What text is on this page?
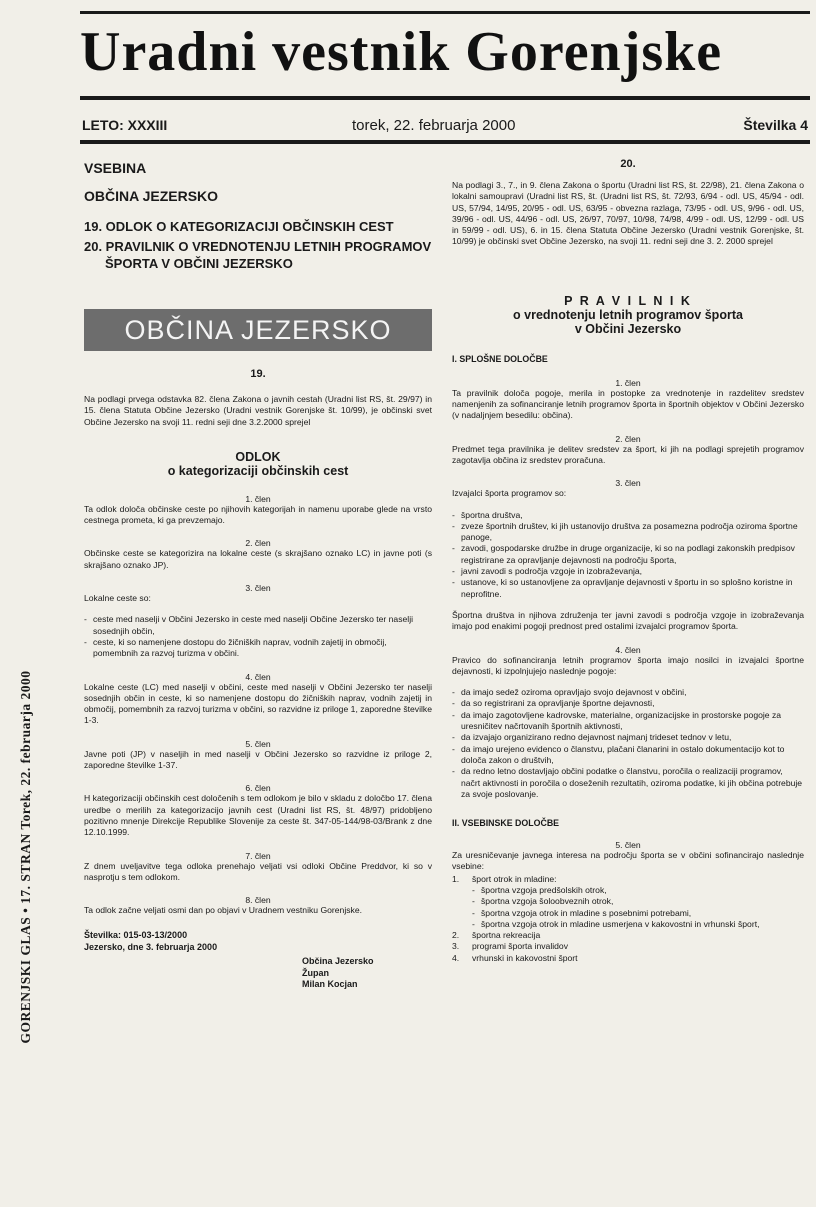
Uradni vestnik Gorenjske
LETO: XXXIII	torek, 22. februarja 2000	Številka 4
GORENJSKI GLAS • 17. STRAN Torek, 22. februarja 2000
VSEBINA
OBČINA JEZERSKO
19. ODLOK O KATEGORIZACIJI OBČINSKIH CEST
20. PRAVILNIK O VREDNOTENJU LETNIH PROGRAMOV
ŠPORTA V OBČINI JEZERSKO
OBČINA JEZERSKO
19.
Na podlagi prvega odstavka 82. člena Zakona o javnih cestah (Uradni list RS, št. 29/97) in 15. člena Statuta Občine Jezersko (Uradni vestnik Gorenjske št. 10/99), je občinski svet Občine Jezersko na svoji 11. redni seji dne 3.2.2000 sprejel
ODLOK
o kategorizaciji občinskih cest
1. člen
Ta odlok določa občinske ceste po njihovih kategorijah in namenu uporabe glede na vrsto cestnega prometa, ki ga prevzemajo.
2. člen
Občinske ceste se kategorizira na lokalne ceste (s skrajšano oznako LC) in javne poti (s skrajšano oznako JP).
3. člen
Lokalne ceste so:
- ceste med naselji v Občini Jezersko in ceste med naselji Občine Jezersko ter naselji sosednjih občin,
- ceste, ki so namenjene dostopu do žičniških naprav, vodnih zajetij in območij, pomembnih za razvoj turizma v občini.
4. člen
Lokalne ceste (LC) med naselji v občini, ceste med naselji v Občini Jezersko ter naselji sosednjih občin in ceste, ki so namenjene dostopu do žičniških naprav, vodnih zajetij in območij, pomembnih za razvoj turizma v občini, so razvidne iz priloge 1, zaporedne številke 1-3.
5. člen
Javne poti (JP) v naseljih in med naselji v Občini Jezersko so razvidne iz priloge 2, zaporedne številke 1-37.
6. člen
H kategorizaciji občinskih cest določenih s tem odlokom je bilo v skladu z določbo 17. člena uredbe o merilih za kategorizacijo javnih cest (Uradni list RS, št. 48/97) pridobljeno pozitivno mnenje Direkcije Republike Slovenije za ceste št. 347-05-144/98-03/Brank z dne 12.10.1999.
7. člen
Z dnem uveljavitve tega odloka prenehajo veljati vsi odloki Občine Preddvor, ki so v nasprotju s tem odlokom.
8. člen
Ta odlok začne veljati osmi dan po objavi v Uradnem vestniku Gorenjske.
Številka: 015-03-13/2000
Jezersko, dne 3. februarja 2000
Občina Jezersko
Župan
Milan Kocjan
20.
Na podlagi 3., 7., in 9. člena Zakona o športu (Uradni list RS, št. 22/98), 21. člena Zakona o lokalni samoupravi (Uradni list RS, št. (Uradni list RS, št. 72/93, 6/94 - odl. US, 45/94 - odl. US, 57/94, 14/95, 20/95 - odl. US, 63/95 - obvezna razlaga, 73/95 - odl. US, 9/96 - odl. US, 39/96 - odl. US, 44/96 - odl. US, 26/97, 70/97, 10/98, 74/98, 4/99 - odl. US, 12/99 - odl. US in 59/99 - odl. US), 6. in 15. člena Statuta Občine Jezersko (Uradni vestnik Gorenjske, št. 10/99) je občinski svet Občine Jezersko, na svoji 11. redni seji dne 3. 2. 2000 sprejel
P R A V I L N I K
o vrednotenju letnih programov športa
v Občini Jezersko
I. SPLOŠNE DOLOČBE
1. člen
Ta pravilnik določa pogoje, merila in postopke za vrednotenje in razdelitev sredstev namenjenih za sofinanciranje letnih programov športa in športnih objektov v Občini Jezersko (v nadaljnjem besedilu: občina).
2. člen
Predmet tega pravilnika je delitev sredstev za šport, ki jih na podlagi sprejetih programov zagotavlja občina iz sredstev proračuna.
3. člen
Izvajalci športa programov so:
- športna društva,
- zveze športnih društev, ki jih ustanovijo društva za posamezna področja oziroma športne panoge,
- zavodi, gospodarske družbe in druge organizacije, ki so na podlagi zakonskih predpisov registrirane za opravljanje dejavnosti na področju športa,
- javni zavodi s področja vzgoje in izobraževanja,
- ustanove, ki so ustanovljene za opravljanje dejavnosti v športu in so splošno koristne in neprofitne.
Športna društva in njihova združenja ter javni zavodi s področja vzgoje in izobraževanja imajo pod enakimi pogoji prednost pred ostalimi izvajalci programov športa.
4. člen
Pravico do sofinanciranja letnih programov športa imajo nosilci in izvajalci športne dejavnosti, ki izpolnjujejo naslednje pogoje:
- da imajo sedež oziroma opravljajo svojo dejavnost v občini,
- da so registrirani za opravljanje športne dejavnosti,
- da imajo zagotovljene kadrovske, materialne, organizacijske in prostorske pogoje za uresničitev načrtovanih športnih aktivnosti,
- da izvajajo organizirano redno dejavnost najmanj trideset tednov v letu,
- da imajo urejeno evidenco o članstvu, plačani članarini in ostalo dokumentacijo kot to določa zakon o društvih,
- da redno letno dostavljajo občini podatke o članstvu, poročila o realizaciji programov, načrt aktivnosti in poročila o doseženih rezultatih, oziroma podatke, ki jih občina potrebuje za svoje poslovanje.
II. VSEBINSKE DOLOČBE
5. člen
Za uresničevanje javnega interesa na področju športa se v občini sofinancirajo naslednje vsebine:
1. šport otrok in mladine:
- športna vzgoja predšolskih otrok,
- športna vzgoja šoloobveznih otrok,
- športna vzgoja otrok in mladine s posebnimi potrebami,
- športna vzgoja otrok in mladine usmerjena v kakovostni in vrhunski šport,
2. športna rekreacija
3. programi športa invalidov
4. vrhunski in kakovostni šport
